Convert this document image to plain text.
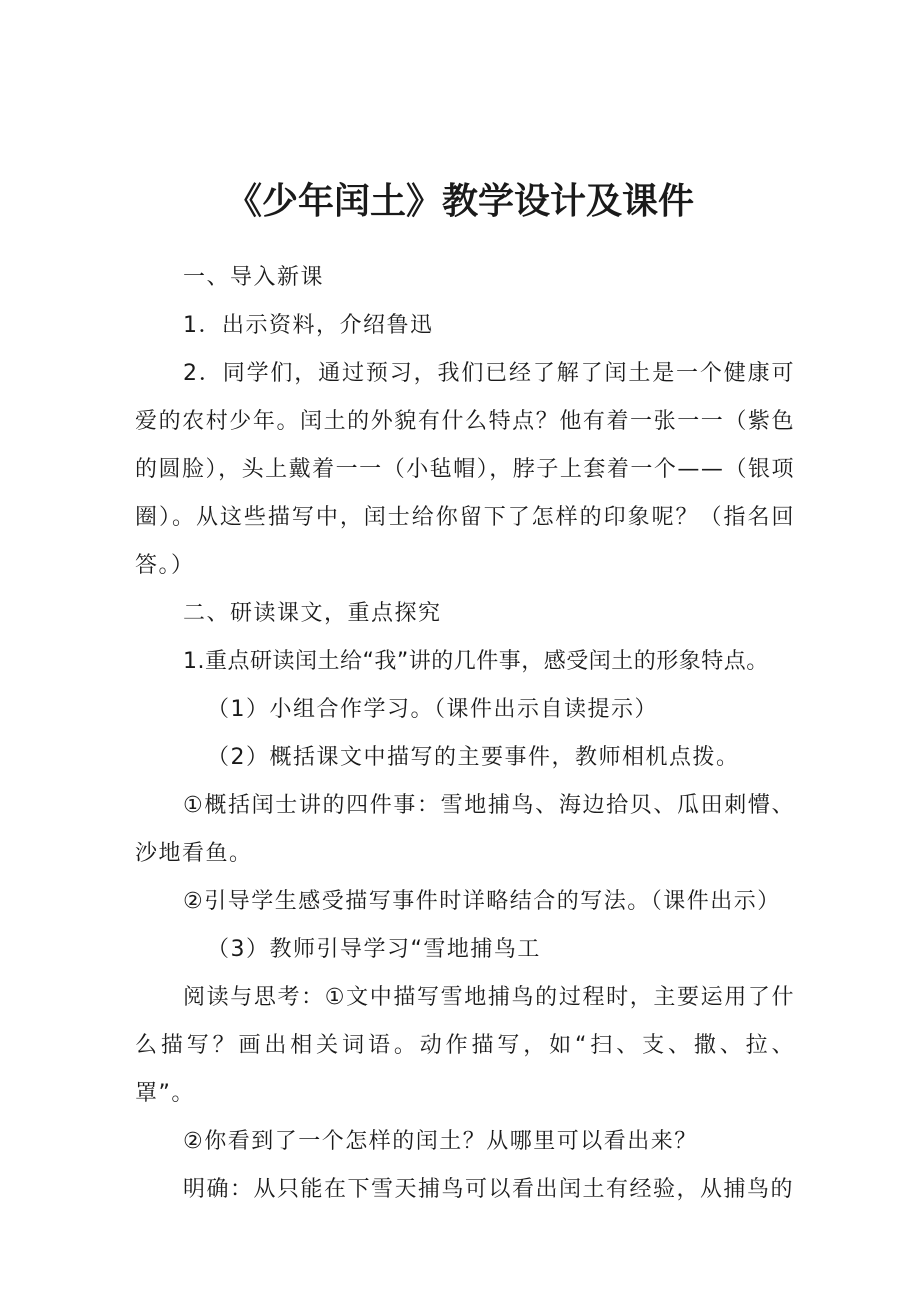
《少年闰土》教学设计及课件

一、导入新课

1．出示资料，介绍鲁迅

2．同学们，通过预习，我们已经了解了闰土是一个健康可爱的农村少年。闰土的外貌有什么特点？他有着一张一一（紫色的圆脸），头上戴着一一（小毡帽），脖子上套着一个——（银项圈）。从这些描写中，闰士给你留下了怎样的印象呢？（指名回答。）

二、研读课文，重点探究

1.重点研读闰土给“我”讲的几件事，感受闰土的形象特点。

（1）小组合作学习。（课件出示自读提示）

（2）概括课文中描写的主要事件，教师相机点拨。

①概括闰士讲的四件事：雪地捕鸟、海边拾贝、瓜田刺懵、沙地看鱼。

②引导学生感受描写事件时详略结合的写法。（课件出示）

（3）教师引导学习“雪地捕鸟工

阅读与思考：①文中描写雪地捕鸟的过程时，主要运用了什么描写？画出相关词语。动作描写，如“扫、支、撒、拉、罩”。

②你看到了一个怎样的闰土？从哪里可以看出来？

明确：从只能在下雪天捕鸟可以看出闰土有经验，从捕鸟的
